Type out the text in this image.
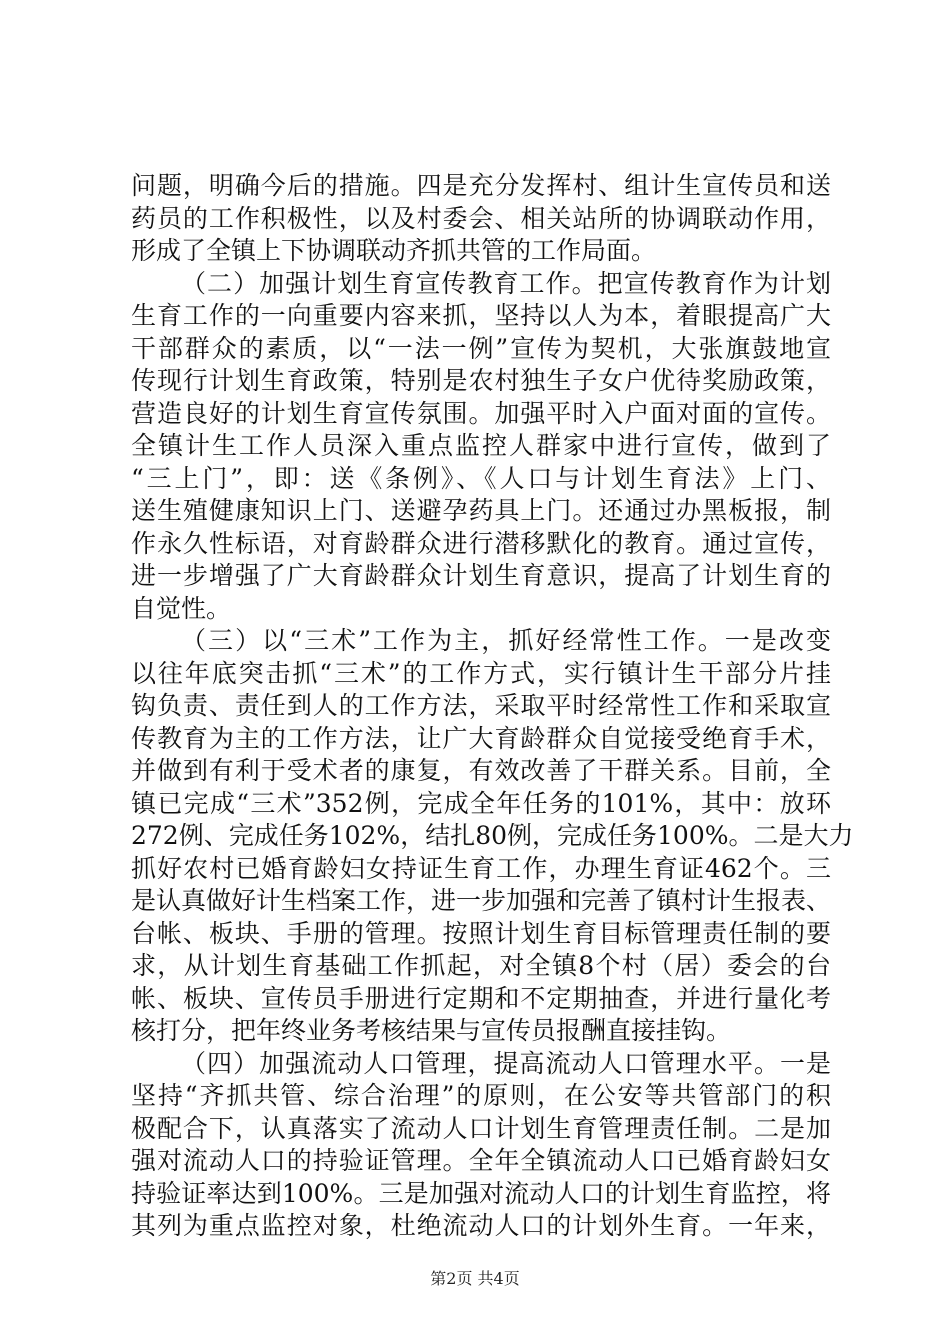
问题，明确今后的措施。四是充分发挥村、组计生宣传员和送
药员的工作积极性，以及村委会、相关站所的协调联动作用，
形成了全镇上下协调联动齐抓共管的工作局面。
（二）加强计划生育宣传教育工作。把宣传教育作为计划
生育工作的一向重要内容来抓，坚持以人为本，着眼提高广大
干部群众的素质，以“一法一例”宣传为契机，大张旗鼓地宣
传现行计划生育政策，特别是农村独生子女户优待奖励政策，
营造良好的计划生育宣传氛围。加强平时入户面对面的宣传。
全镇计生工作人员深入重点监控人群家中进行宣传，做到了
“三上门”，即：送《条例》、《人口与计划生育法》上门、
送生殖健康知识上门、送避孕药具上门。还通过办黑板报，制
作永久性标语，对育龄群众进行潜移默化的教育。通过宣传，
进一步增强了广大育龄群众计划生育意识，提高了计划生育的
自觉性。
（三）以“三术”工作为主，抓好经常性工作。一是改变
以往年底突击抓“三术”的工作方式，实行镇计生干部分片挂
钩负责、责任到人的工作方法，采取平时经常性工作和采取宣
传教育为主的工作方法，让广大育龄群众自觉接受绝育手术，
并做到有利于受术者的康复，有效改善了干群关系。目前，全
镇已完成“三术”352例，完成全年任务的101%，其中：放环
272例、完成任务102%，结扎80例，完成任务100%。二是大力
抓好农村已婚育龄妇女持证生育工作，办理生育证462个。三
是认真做好计生档案工作，进一步加强和完善了镇村计生报表、
台帐、板块、手册的管理。按照计划生育目标管理责任制的要
求，从计划生育基础工作抓起，对全镇8个村（居）委会的台
帐、板块、宣传员手册进行定期和不定期抽查，并进行量化考
核打分，把年终业务考核结果与宣传员报酬直接挂钩。
（四）加强流动人口管理，提高流动人口管理水平。一是
坚持“齐抓共管、综合治理”的原则，在公安等共管部门的积
极配合下，认真落实了流动人口计划生育管理责任制。二是加
强对流动人口的持验证管理。全年全镇流动人口已婚育龄妇女
持验证率达到100%。三是加强对流动人口的计划生育监控，将
其列为重点监控对象，杜绝流动人口的计划外生育。一年来，
第2页 共4页
